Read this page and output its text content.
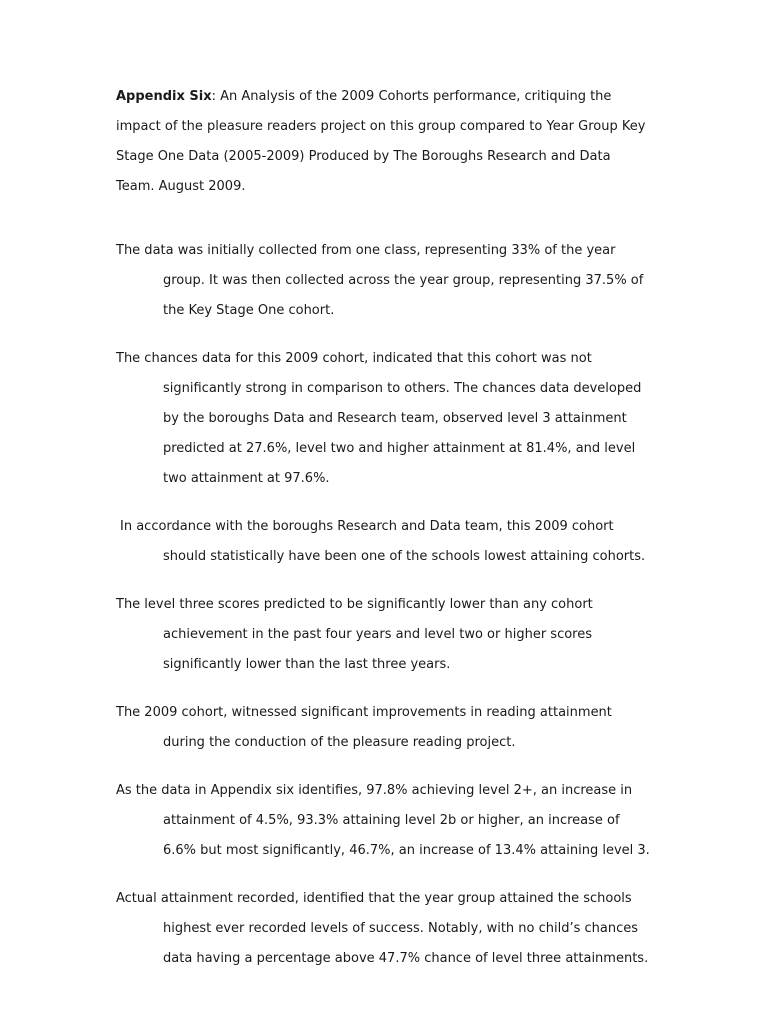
Appendix Six: An Analysis of the 2009 Cohorts performance, critiquing the
impact of the pleasure readers project on this group compared to Year Group Key
Stage One Data (2005-2009) Produced by The Boroughs Research and Data
Team. August 2009.
The data was initially collected from one class, representing 33% of the year
group. It was then collected across the year group, representing 37.5% of
the Key Stage One cohort.
The chances data for this 2009 cohort, indicated that this cohort was not
significantly strong in comparison to others. The chances data developed
by the boroughs Data and Research team, observed level 3 attainment
predicted at 27.6%, level two and higher attainment at 81.4%, and level
two attainment at 97.6%.
In accordance with the boroughs Research and Data team, this 2009 cohort
should statistically have been one of the schools lowest attaining cohorts.
The level three scores predicted to be significantly lower than any cohort
achievement in the past four years and level two or higher scores
significantly lower than the last three years.
The 2009 cohort, witnessed significant improvements in reading attainment
during the conduction of the pleasure reading project.
As the data in Appendix six identifies, 97.8% achieving level 2+, an increase in
attainment of 4.5%, 93.3% attaining level 2b or higher, an increase of
6.6% but most significantly, 46.7%, an increase of 13.4% attaining level 3.
Actual attainment recorded, identified that the year group attained the schools
highest ever recorded levels of success. Notably, with no child’s chances
data having a percentage above 47.7% chance of level three attainments.
